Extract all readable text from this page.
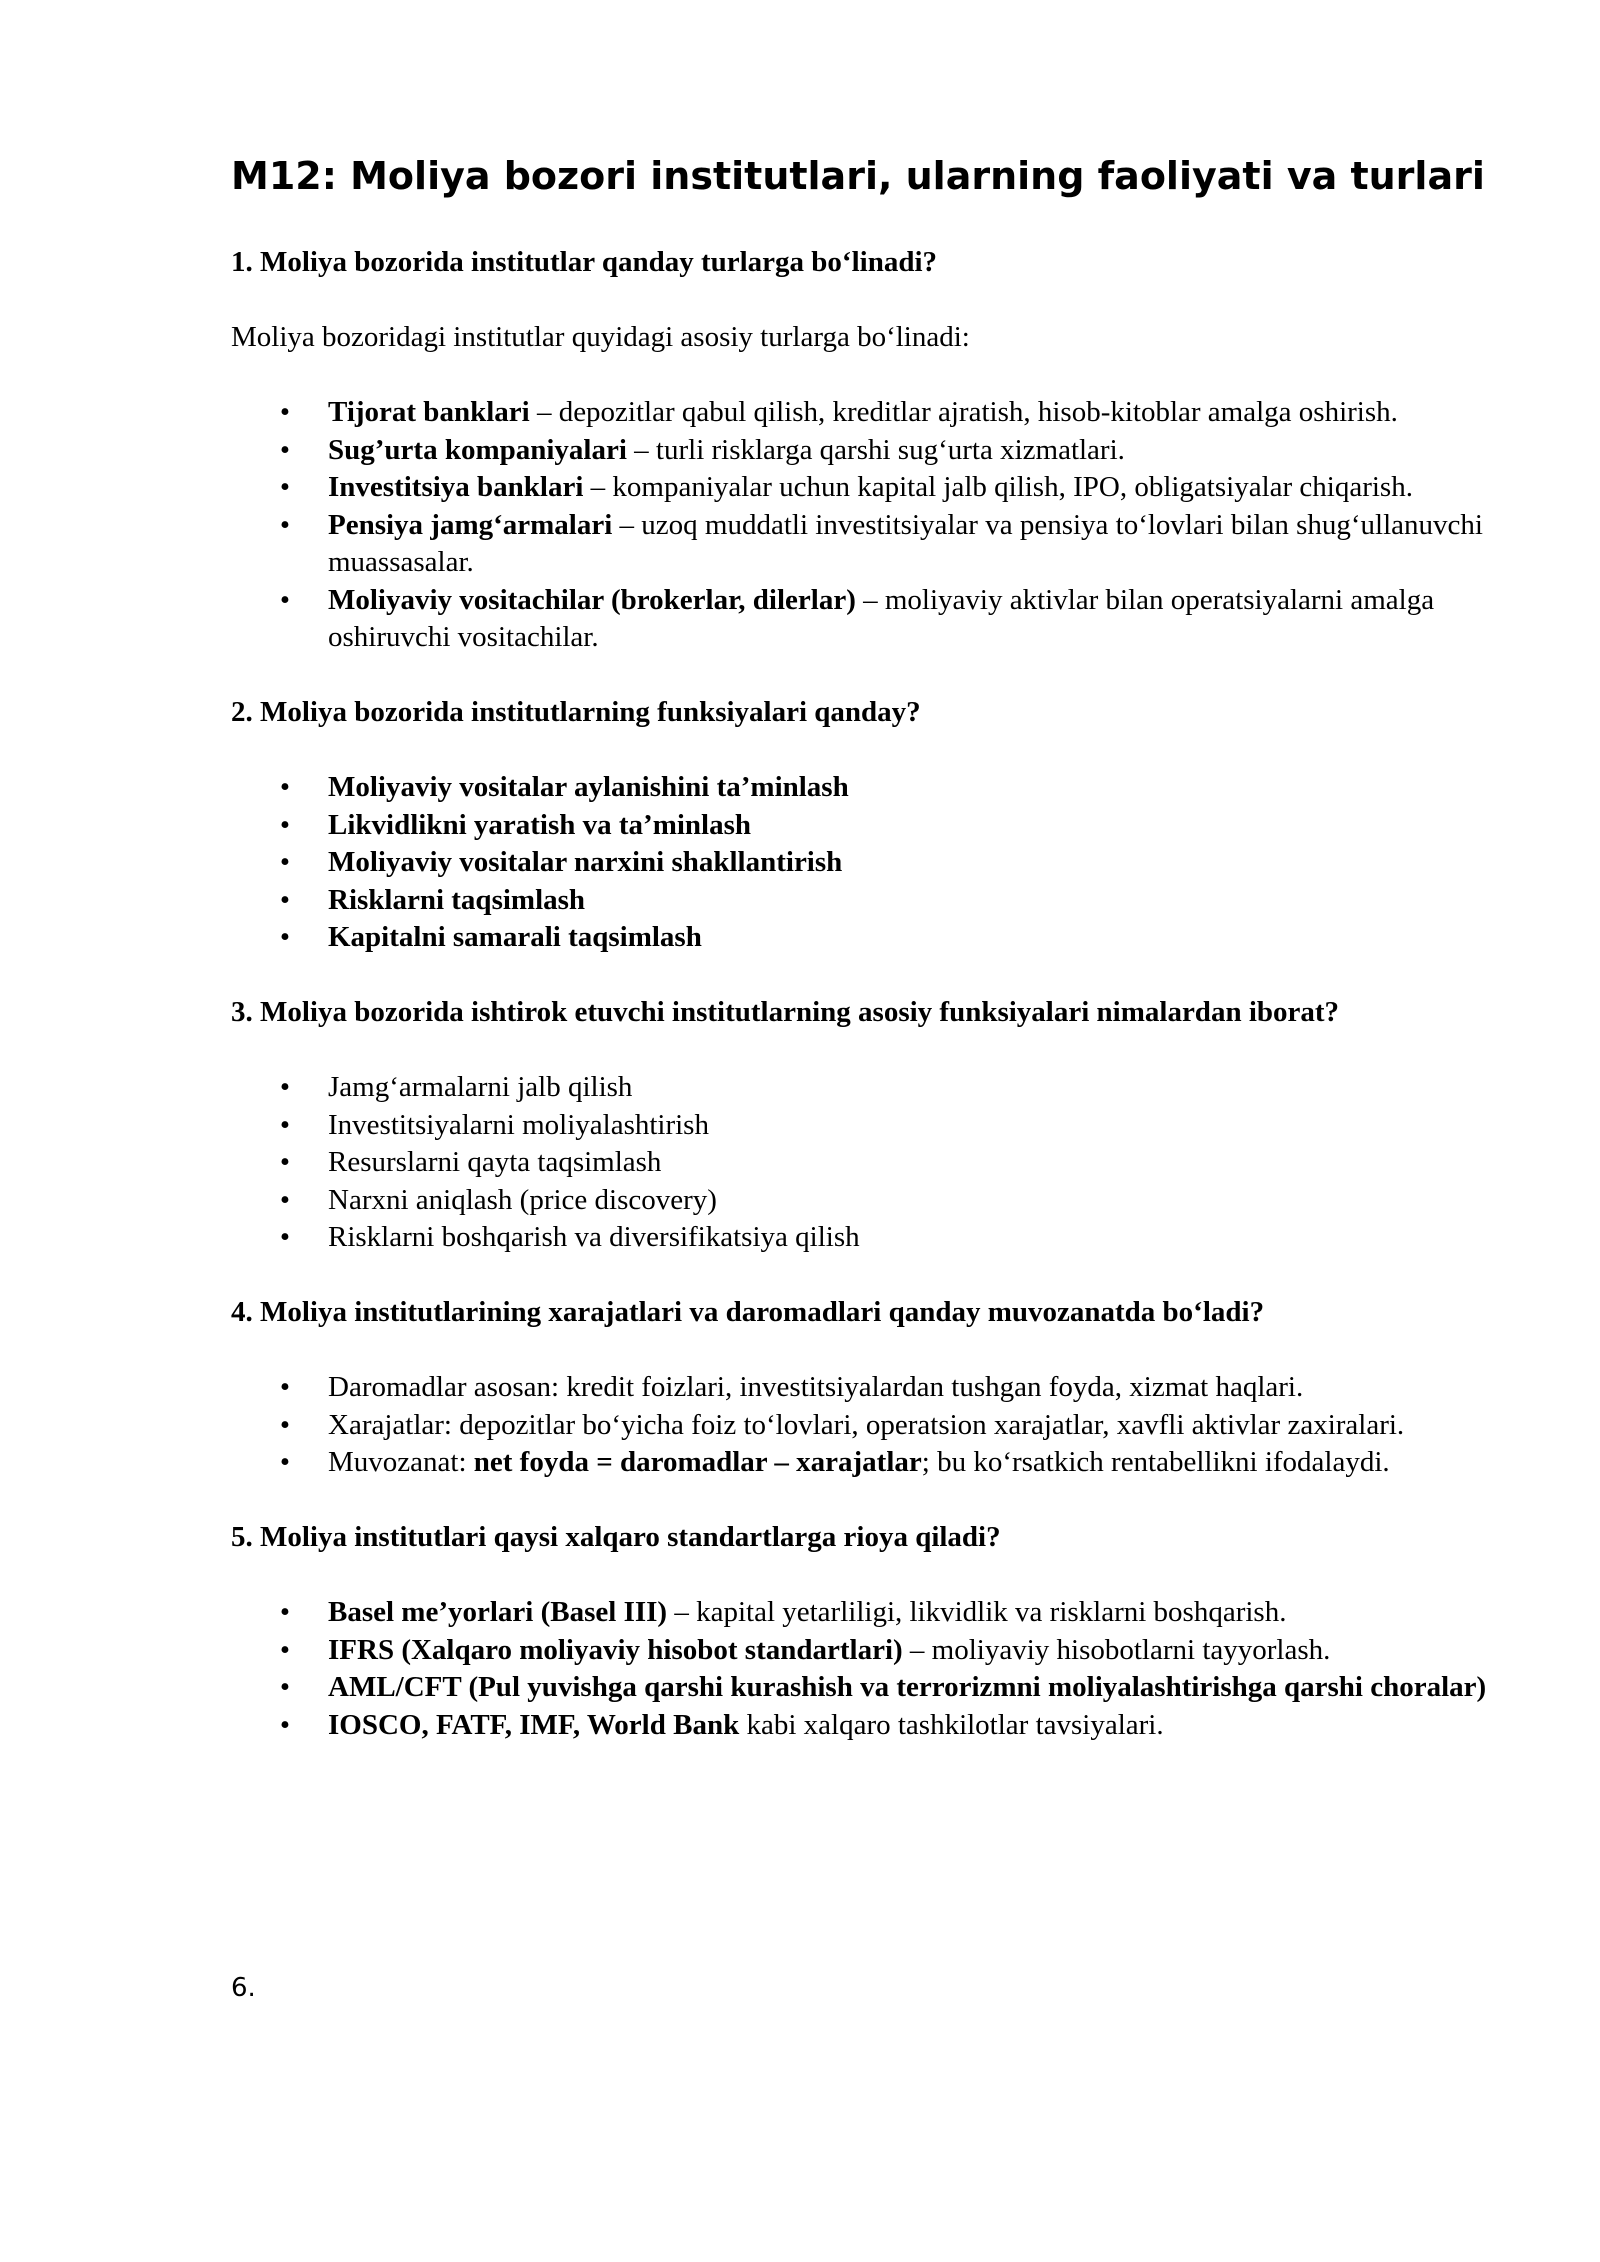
M12: Moliya bozori institutlari, ularning faoliyati va turlari

1. Moliya bozorida institutlar qanday turlarga bo‘linadi?

Moliya bozoridagi institutlar quyidagi asosiy turlarga bo‘linadi:

• Tijorat banklari – depozitlar qabul qilish, kreditlar ajratish, hisob-kitoblar amalga oshirish.
• Sug’urta kompaniyalari – turli risklarga qarshi sug‘urta xizmatlari.
• Investitsiya banklari – kompaniyalar uchun kapital jalb qilish, IPO, obligatsiyalar chiqarish.
• Pensiya jamg‘armalari – uzoq muddatli investitsiyalar va pensiya to‘lovlari bilan shug‘ullanuvchi muassasalar.
• Moliyaviy vositachilar (brokerlar, dilerlar) – moliyaviy aktivlar bilan operatsiyalarni amalga oshiruvchi vositachilar.

2. Moliya bozorida institutlarning funksiyalari qanday?

• Moliyaviy vositalar aylanishini ta’minlash
• Likvidlikni yaratish va ta’minlash
• Moliyaviy vositalar narxini shakllantirish
• Risklarni taqsimlash
• Kapitalni samarali taqsimlash

3. Moliya bozorida ishtirok etuvchi institutlarning asosiy funksiyalari nimalardan iborat?

• Jamg‘armalarni jalb qilish
• Investitsiyalarni moliyalashtirish
• Resurslarni qayta taqsimlash
• Narxni aniqlash (price discovery)
• Risklarni boshqarish va diversifikatsiya qilish

4. Moliya institutlarining xarajatlari va daromadlari qanday muvozanatda bo‘ladi?

• Daromadlar asosan: kredit foizlari, investitsiyalardan tushgan foyda, xizmat haqlari.
• Xarajatlar: depozitlar bo‘yicha foiz to‘lovlari, operatsion xarajatlar, xavfli aktivlar zaxiralari.
• Muvozanat: net foyda = daromadlar – xarajatlar; bu ko‘rsatkich rentabellikni ifodalaydi.

5. Moliya institutlari qaysi xalqaro standartlarga rioya qiladi?

• Basel me’yorlari (Basel III) – kapital yetarliligi, likvidlik va risklarni boshqarish.
• IFRS (Xalqaro moliyaviy hisobot standartlari) – moliyaviy hisobotlarni tayyorlash.
• AML/CFT (Pul yuvishga qarshi kurashish va terrorizmni moliyalashtirishga qarshi choralar)
• IOSCO, FATF, IMF, World Bank kabi xalqaro tashkilotlar tavsiyalari.
6.
